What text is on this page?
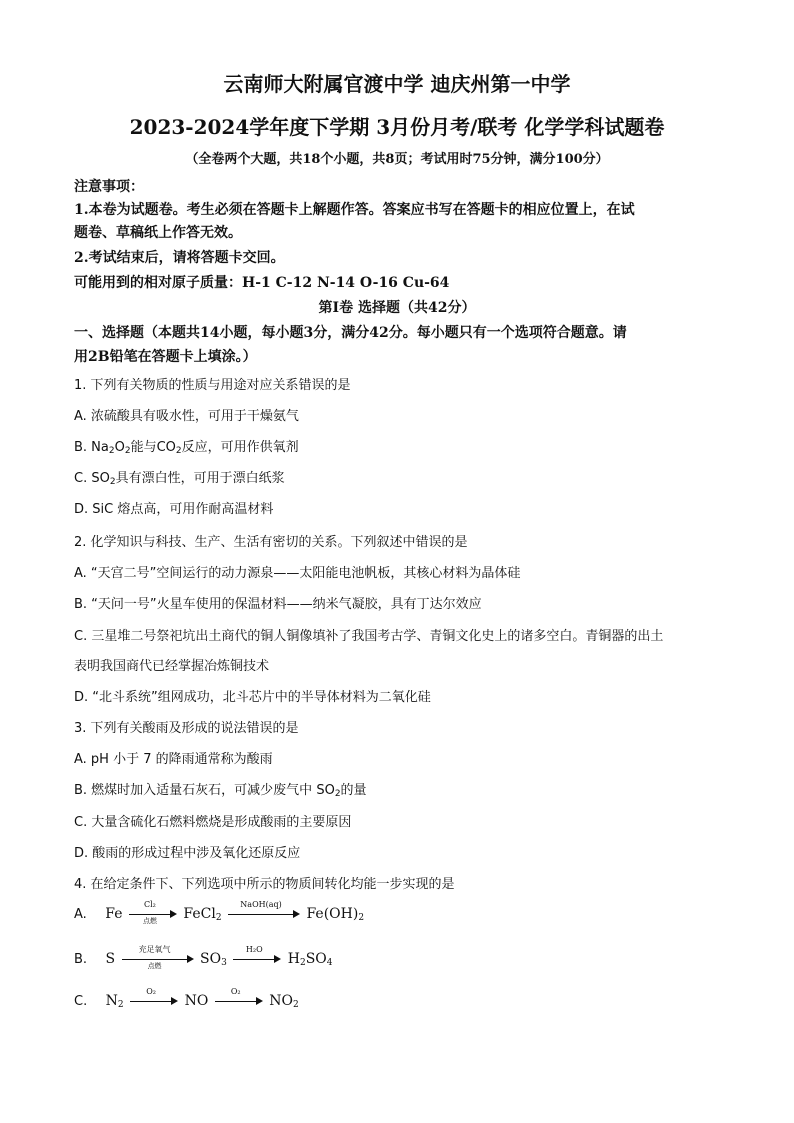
云南师大附属官渡中学 迪庆州第一中学
2023-2024学年度下学期 3月份月考/联考 化学学科试题卷
（全卷两个大题，共18个小题，共8页；考试用时75分钟，满分100分）
注意事项：
1.本卷为试题卷。考生必须在答题卡上解题作答。答案应书写在答题卡的相应位置上，在试
题卷、草稿纸上作答无效。
2.考试结束后，请将答题卡交回。
可能用到的相对原子质量：H-1 C-12 N-14 O-16 Cu-64
第Ⅰ卷 选择题（共42分）
一、选择题（本题共14小题，每小题3分，满分42分。每小题只有一个选项符合题意。请
用2B铅笔在答题卡上填涂。）
1. 下列有关物质的性质与用途对应关系错误的是
A. 浓硫酸具有吸水性，可用于干燥氨气
B. $Na_2O_2$能与$CO_2$反应，可用作供氧剂
C. $SO_2$具有漂白性，可用于漂白纸浆
D. SiC 熔点高，可用作耐高温材料
2. 化学知识与科技、生产、生活有密切的关系。下列叙述中错误的是
A. “天宫二号”空间运行的动力源泉——太阳能电池帆板，其核心材料为晶体硅
B. “天问一号”火星车使用的保温材料——纳米气凝胶，具有丁达尔效应
C. 三星堆二号祭祀坑出土商代的铜人铜像填补了我国考古学、青铜文化史上的诸多空白。青铜器的出土
表明我国商代已经掌握冶炼铜技术
D. “北斗系统”组网成功，北斗芯片中的半导体材料为二氧化硅
3. 下列有关酸雨及形成的说法错误的是
A. pH 小于 7 的降雨通常称为酸雨
B. 燃煤时加入适量石灰石，可减少废气中 $SO_2$的量
C. 大量含硫化石燃料燃烧是形成酸雨的主要原因
D. 酸雨的形成过程中涉及氧化还原反应
4. 在给定条件下、下列选项中所示的物质间转化均能一步实现的是
A. Fe
Cl₂
点燃	FeCl$_2$
NaOH(aq)
$Fe(OH)_2$
B. S
充足氧气
点燃	$SO_3$
H₂O
$H_2SO_4$
C. $N_2$
O₂
NO
O₂
$NO_2$
